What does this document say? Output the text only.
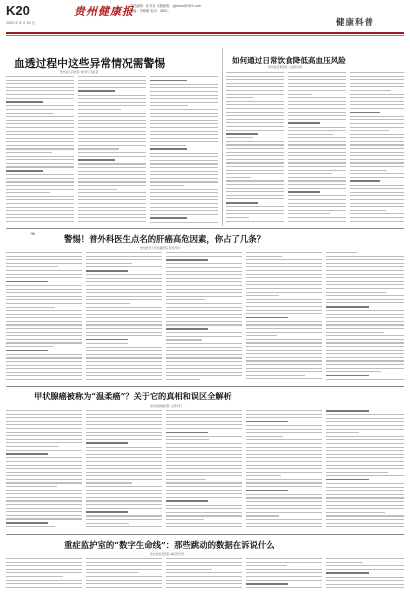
K20
2020 年 8 月 20 日
贵州健康报
责任编辑：孙书友 本版邮箱：gjjkbao@163.com
美编：李晓琳 电话：0851-
健康科普
血透过程中这些异常情况需警惕
贵州省人民医院 肾内科 刘某某
如何通过日常饮食降低高血压风险
贵州省某某医院 心血管内科
❧	警惕！普外科医生点名的肝癌高危因素，你占了几条？
贵州医科大学附属医院 肝胆外科
甲状腺癌被称为“温柔癌”？关于它的真相和误区全解析
贵州省肿瘤医院 头颈外科
重症监护室的“数字生命线”：那些跳动的数据在诉说什么
贵州省某某医院 重症医学科
